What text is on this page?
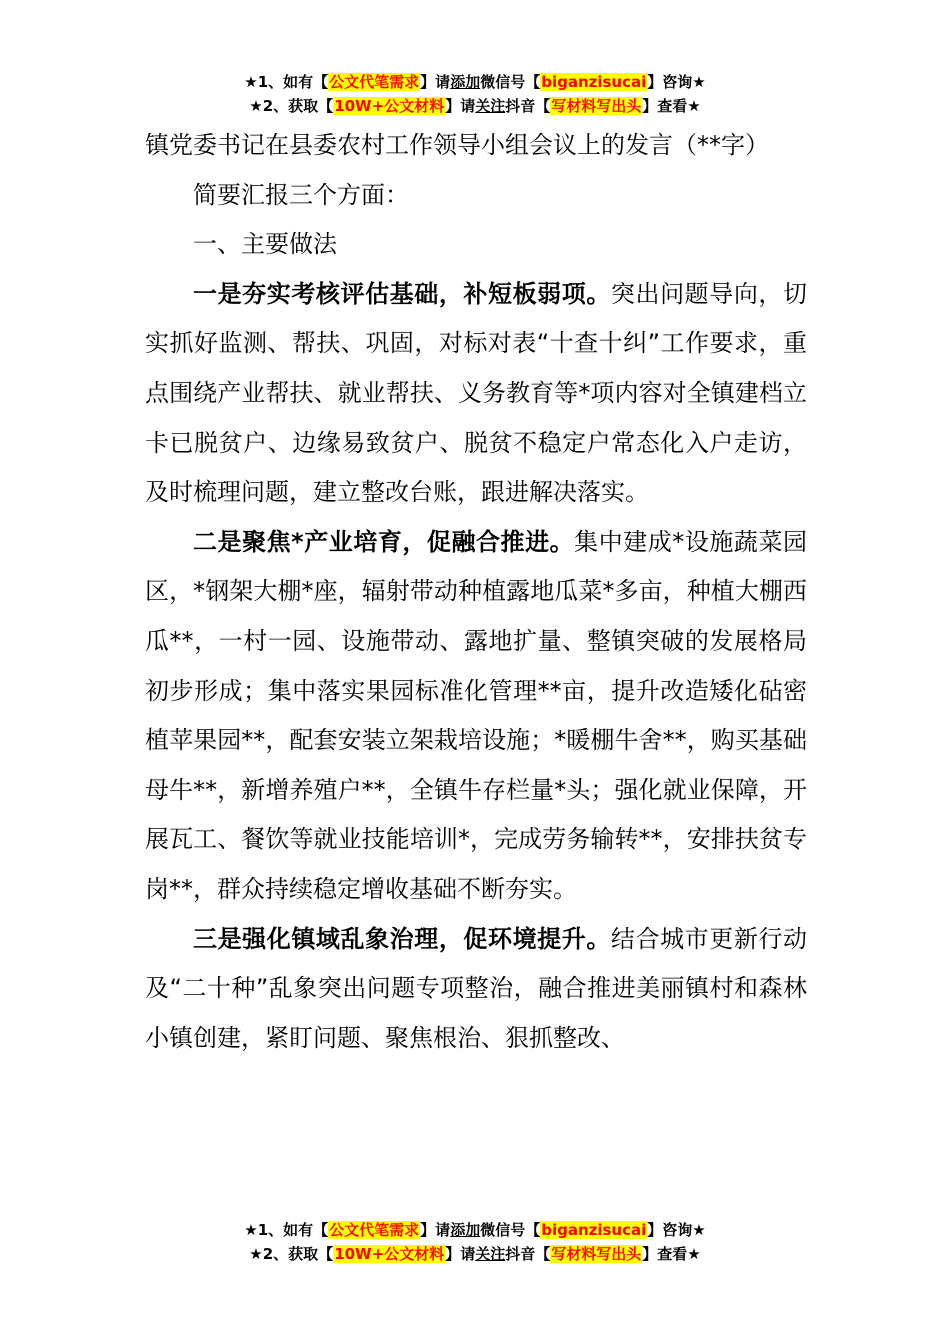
★1、如有【公文代笔需求】请添加微信号【biganzisucai】咨询★
★2、获取【10W+公文材料】请关注抖音【写材料写出头】查看★

镇党委书记在县委农村工作领导小组会议上的发言（**字）

简要汇报三个方面：

一、主要做法

一是夯实考核评估基础，补短板弱项。突出问题导向，切实抓好监测、帮扶、巩固，对标对表“十查十纠”工作要求，重点围绕产业帮扶、就业帮扶、义务教育等*项内容对全镇建档立卡已脱贫户、边缘易致贫户、脱贫不稳定户常态化入户走访，及时梳理问题，建立整改台账，跟进解决落实。

二是聚焦*产业培育，促融合推进。集中建成*设施蔬菜园区，*钢架大棚*座，辐射带动种植露地瓜菜*多亩，种植大棚西瓜**，一村一园、设施带动、露地扩量、整镇突破的发展格局初步形成；集中落实果园标准化管理**亩，提升改造矮化砧密植苹果园**，配套安装立架栽培设施；*暖棚牛舍**，购买基础母牛**，新增养殖户**，全镇牛存栏量*头；强化就业保障，开展瓦工、餐饮等就业技能培训*，完成劳务输转**，安排扶贫专岗**，群众持续稳定增收基础不断夯实。

三是强化镇域乱象治理，促环境提升。结合城市更新行动及“二十种”乱象突出问题专项整治，融合推进美丽镇村和森林小镇创建，紧盯问题、聚焦根治、狠抓整改、

★1、如有【公文代笔需求】请添加微信号【biganzisucai】咨询★
★2、获取【10W+公文材料】请关注抖音【写材料写出头】查看★
